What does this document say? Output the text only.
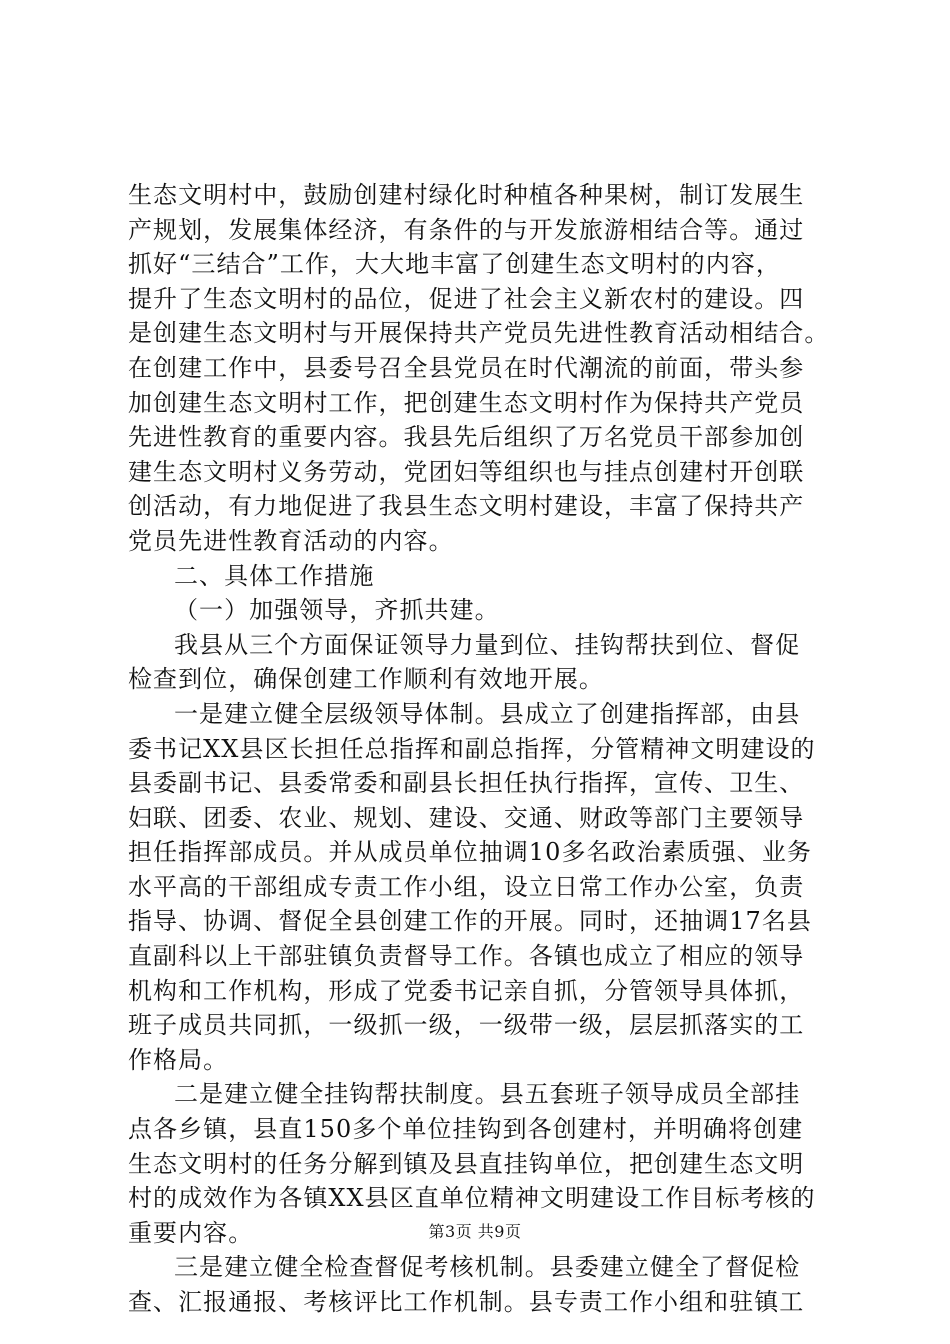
生态文明村中，鼓励创建村绿化时种植各种果树，制订发展生
产规划，发展集体经济，有条件的与开发旅游相结合等。通过
抓好“三结合”工作，大大地丰富了创建生态文明村的内容，
提升了生态文明村的品位，促进了社会主义新农村的建设。四
是创建生态文明村与开展保持共产党员先进性教育活动相结合。
在创建工作中，县委号召全县党员在时代潮流的前面，带头参
加创建生态文明村工作，把创建生态文明村作为保持共产党员
先进性教育的重要内容。我县先后组织了万名党员干部参加创
建生态文明村义务劳动，党团妇等组织也与挂点创建村开创联
创活动，有力地促进了我县生态文明村建设，丰富了保持共产
党员先进性教育活动的内容。
二、具体工作措施
（一）加强领导，齐抓共建。
我县从三个方面保证领导力量到位、挂钩帮扶到位、督促
检查到位，确保创建工作顺利有效地开展。
一是建立健全层级领导体制。县成立了创建指挥部，由县
委书记XX县区长担任总指挥和副总指挥，分管精神文明建设的
县委副书记、县委常委和副县长担任执行指挥，宣传、卫生、
妇联、团委、农业、规划、建设、交通、财政等部门主要领导
担任指挥部成员。并从成员单位抽调10多名政治素质强、业务
水平高的干部组成专责工作小组，设立日常工作办公室，负责
指导、协调、督促全县创建工作的开展。同时，还抽调17名县
直副科以上干部驻镇负责督导工作。各镇也成立了相应的领导
机构和工作机构，形成了党委书记亲自抓，分管领导具体抓，
班子成员共同抓，一级抓一级，一级带一级，层层抓落实的工
作格局。
二是建立健全挂钩帮扶制度。县五套班子领导成员全部挂
点各乡镇，县直150多个单位挂钩到各创建村，并明确将创建
生态文明村的任务分解到镇及县直挂钩单位，把创建生态文明
村的成效作为各镇XX县区直单位精神文明建设工作目标考核的
重要内容。
三是建立健全检查督促考核机制。县委建立健全了督促检
查、汇报通报、考核评比工作机制。县专责工作小组和驻镇工
第3页 共9页
